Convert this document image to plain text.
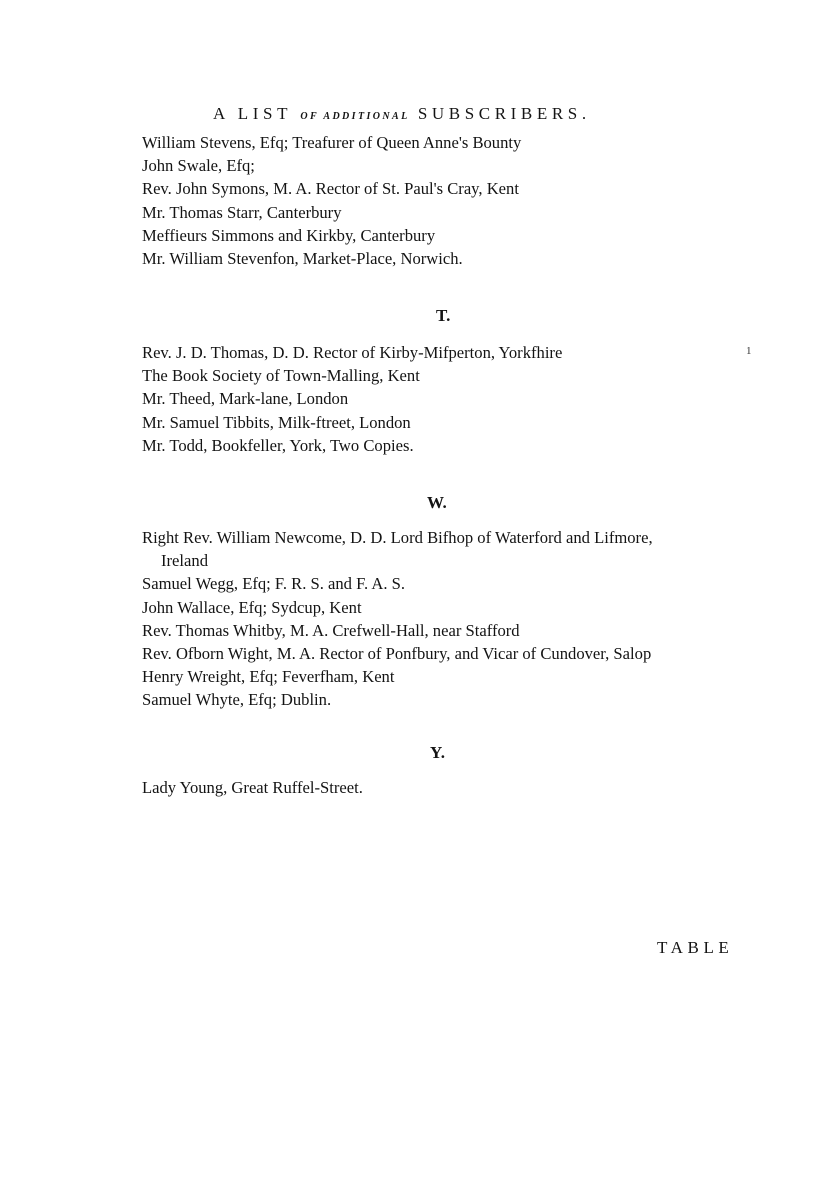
A LIST OF ADDITIONAL SUBSCRIBERS.
William Stevens, Efq; Treafurer of Queen Anne's Bounty
John Swale, Efq;
Rev. John Symons, M. A. Rector of St. Paul's Cray, Kent
Mr. Thomas Starr, Canterbury
Meffieurs Simmons and Kirkby, Canterbury
Mr. William Stevenfon, Market-Place, Norwich.
T.
1
Rev. J. D. Thomas, D. D. Rector of Kirby-Mifperton, Yorkfhire
The Book Society of Town-Malling, Kent
Mr. Theed, Mark-lane, London
Mr. Samuel Tibbits, Milk-ftreet, London
Mr. Todd, Bookfeller, York, Two Copies.
W.
Right Rev. William Newcome, D. D. Lord Bifhop of Waterford and Lifmore,
Ireland
Samuel Wegg, Efq; F. R. S. and F. A. S.
John Wallace, Efq; Sydcup, Kent
Rev. Thomas Whitby, M. A. Crefwell-Hall, near Stafford
Rev. Ofborn Wight, M. A. Rector of Ponfbury, and Vicar of Cundover, Salop
Henry Wreight, Efq; Feverfham, Kent
Samuel Whyte, Efq; Dublin.
Y.
Lady Young, Great Ruffel-Street.
TABLE
